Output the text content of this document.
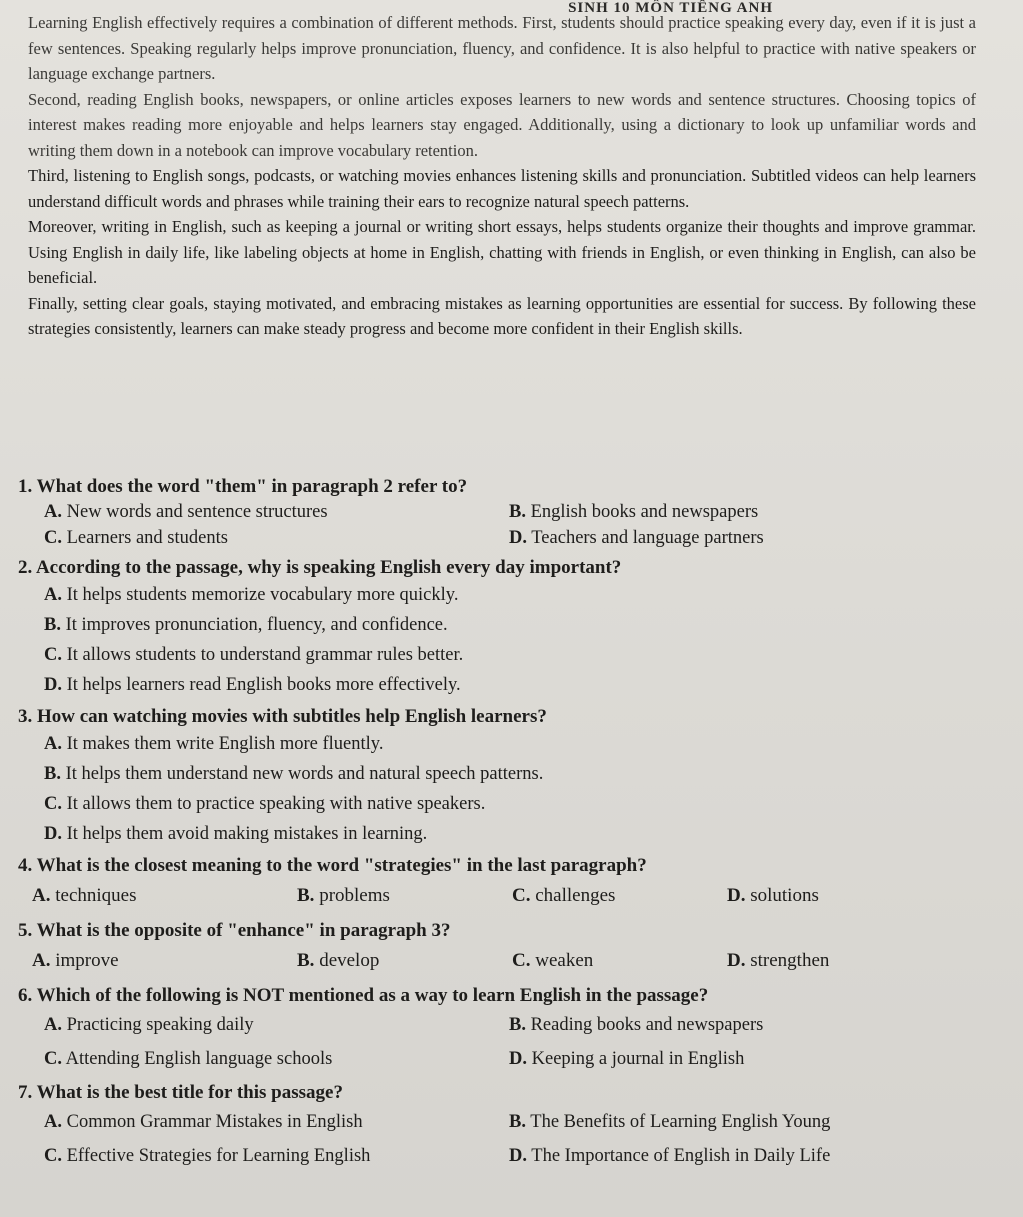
SINH 10 MÔN TIẾNG ANH

Learning English effectively requires a combination of different methods. First, students should practice speaking every day, even if it is just a few sentences. Speaking regularly helps improve pronunciation, fluency, and confidence. It is also helpful to practice with native speakers or language exchange partners.

Second, reading English books, newspapers, or online articles exposes learners to new words and sentence structures. Choosing topics of interest makes reading more enjoyable and helps learners stay engaged. Additionally, using a dictionary to look up unfamiliar words and writing them down in a notebook can improve vocabulary retention.

Third, listening to English songs, podcasts, or watching movies enhances listening skills and pronunciation. Subtitled videos can help learners understand difficult words and phrases while training their ears to recognize natural speech patterns.

Moreover, writing in English, such as keeping a journal or writing short essays, helps students organize their thoughts and improve grammar. Using English in daily life, like labeling objects at home in English, chatting with friends in English, or even thinking in English, can also be beneficial.

Finally, setting clear goals, staying motivated, and embracing mistakes as learning opportunities are essential for success. By following these strategies consistently, learners can make steady progress and become more confident in their English skills.

1. What does the word "them" in paragraph 2 refer to?

A. New words and sentence structures	B. English books and newspapers
C. Learners and students	D. Teachers and language partners

2. According to the passage, why is speaking English every day important?

A. It helps students memorize vocabulary more quickly.
B. It improves pronunciation, fluency, and confidence.
C. It allows students to understand grammar rules better.
D. It helps learners read English books more effectively.

3. How can watching movies with subtitles help English learners?

A. It makes them write English more fluently.
B. It helps them understand new words and natural speech patterns.
C. It allows them to practice speaking with native speakers.
D. It helps them avoid making mistakes in learning.

4. What is the closest meaning to the word "strategies" in the last paragraph?

A. techniques	B. problems	C. challenges	D. solutions

5. What is the opposite of "enhance" in paragraph 3?

A. improve	B. develop	C. weaken	D. strengthen

6. Which of the following is NOT mentioned as a way to learn English in the passage?

A. Practicing speaking daily	B. Reading books and newspapers
C. Attending English language schools	D. Keeping a journal in English

7. What is the best title for this passage?

A. Common Grammar Mistakes in English	B. The Benefits of Learning English Young
C. Effective Strategies for Learning English	D. The Importance of English in Daily Life
